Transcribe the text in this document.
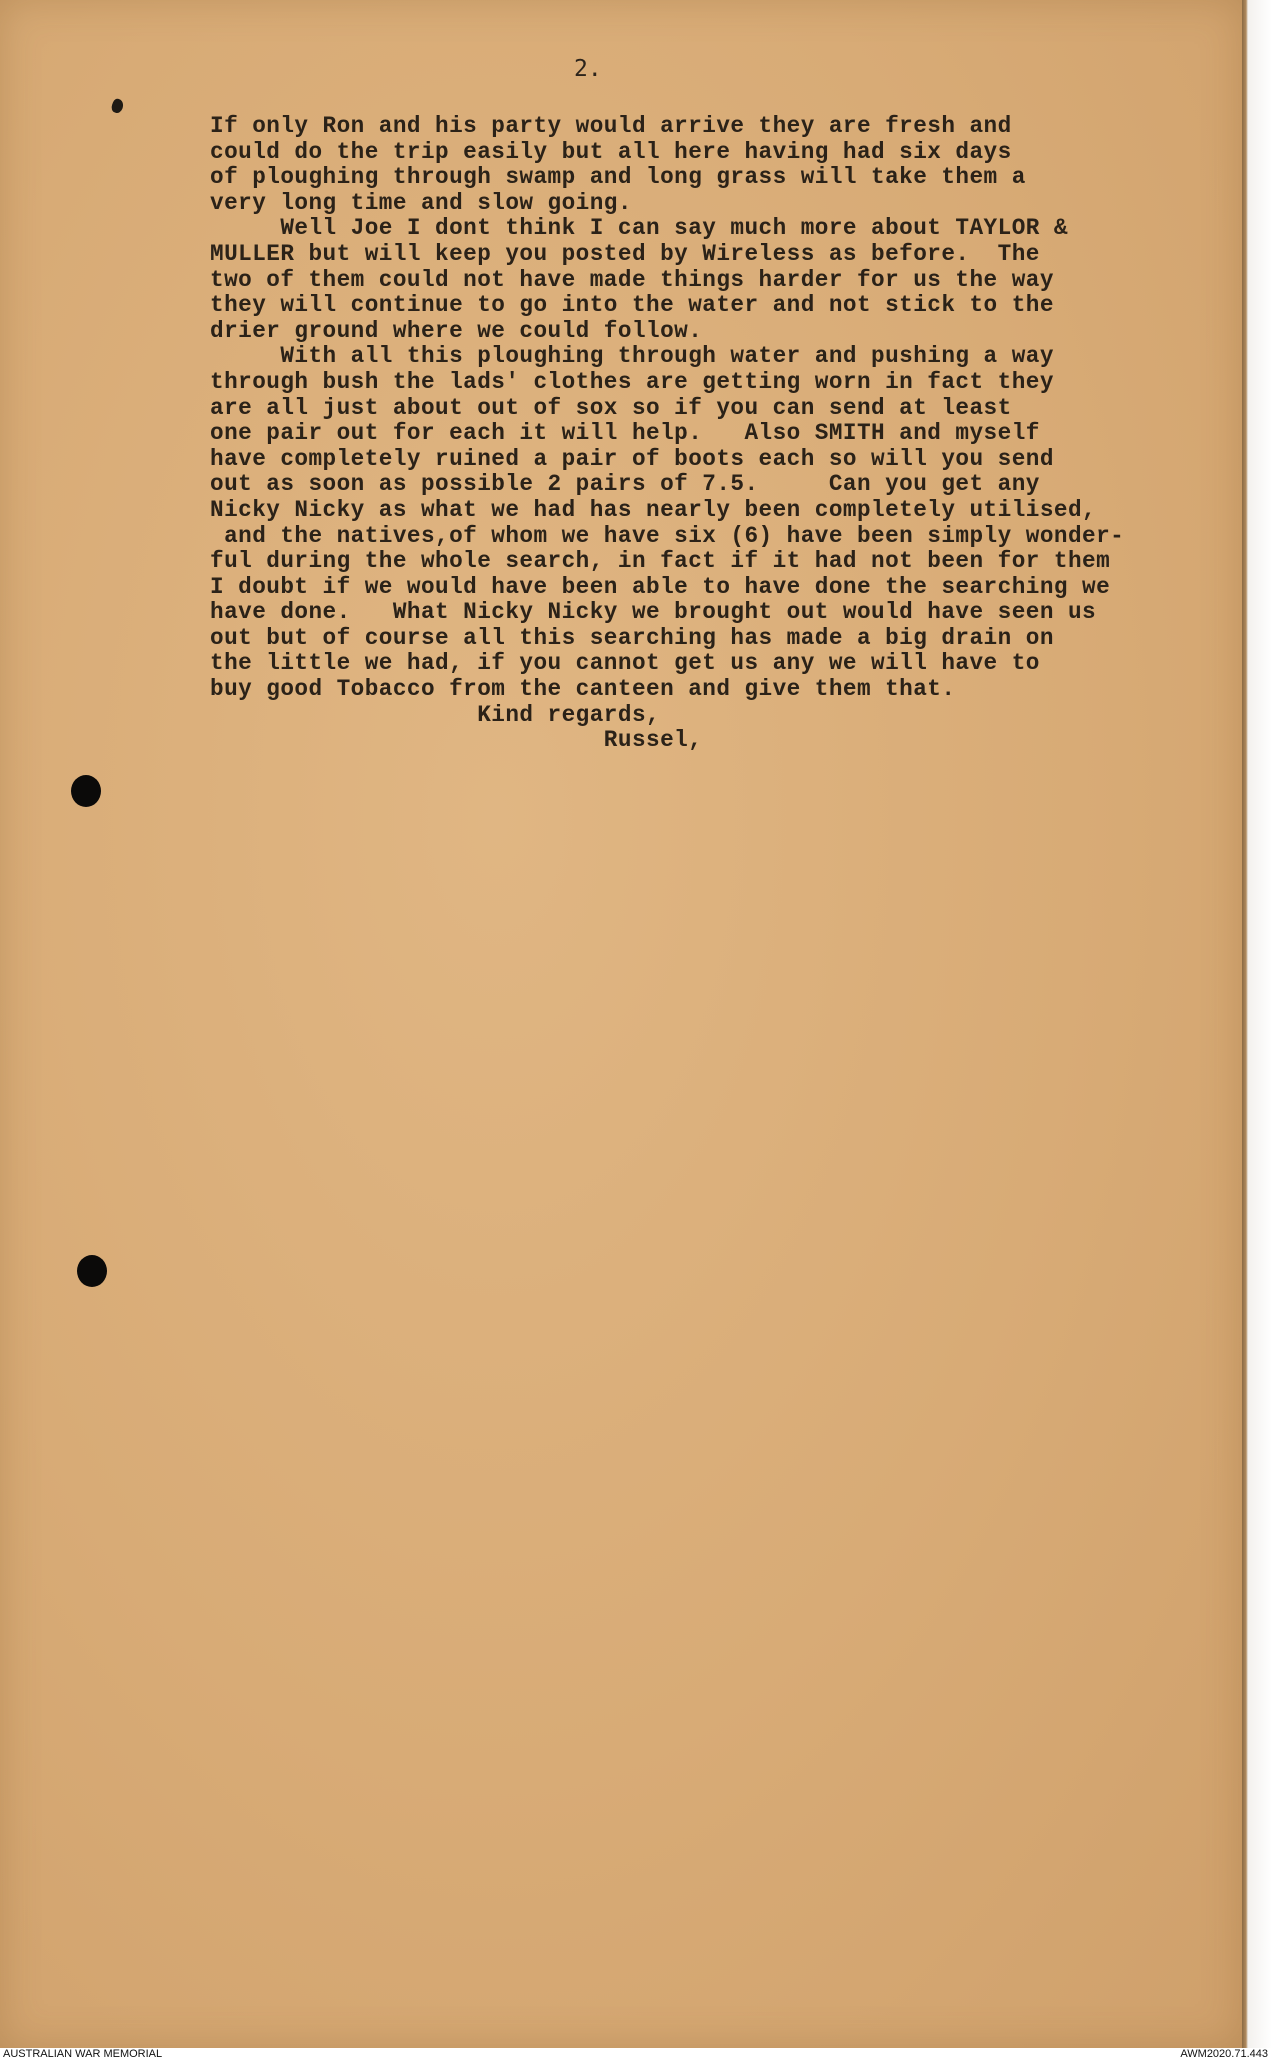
2.
If only Ron and his party would arrive they are fresh and
could do the trip easily but all here having had six days
of ploughing through swamp and long grass will take them a
very long time and slow going.
Well Joe I dont think I can say much more about TAYLOR &
MULLER but will keep you posted by Wireless as before.  The
two of them could not have made things harder for us the way
they will continue to go into the water and not stick to the
drier ground where we could follow.
With all this ploughing through water and pushing a way
through bush the lads' clothes are getting worn in fact they
are all just about out of sox so if you can send at least
one pair out for each it will help.   Also SMITH and myself
have completely ruined a pair of boots each so will you send
out as soon as possible 2 pairs of 7.5.     Can you get any
Nicky Nicky as what we had has nearly been completely utilised,
and the natives,of whom we have six (6) have been simply wonder-
ful during the whole search, in fact if it had not been for them
I doubt if we would have been able to have done the searching we
have done.   What Nicky Nicky we brought out would have seen us
out but of course all this searching has made a big drain on
the little we had, if you cannot get us any we will have to
buy good Tobacco from the canteen and give them that.
Kind regards,
Russel,
AUSTRALIAN WAR MEMORIAL	AWM2020.71.443
